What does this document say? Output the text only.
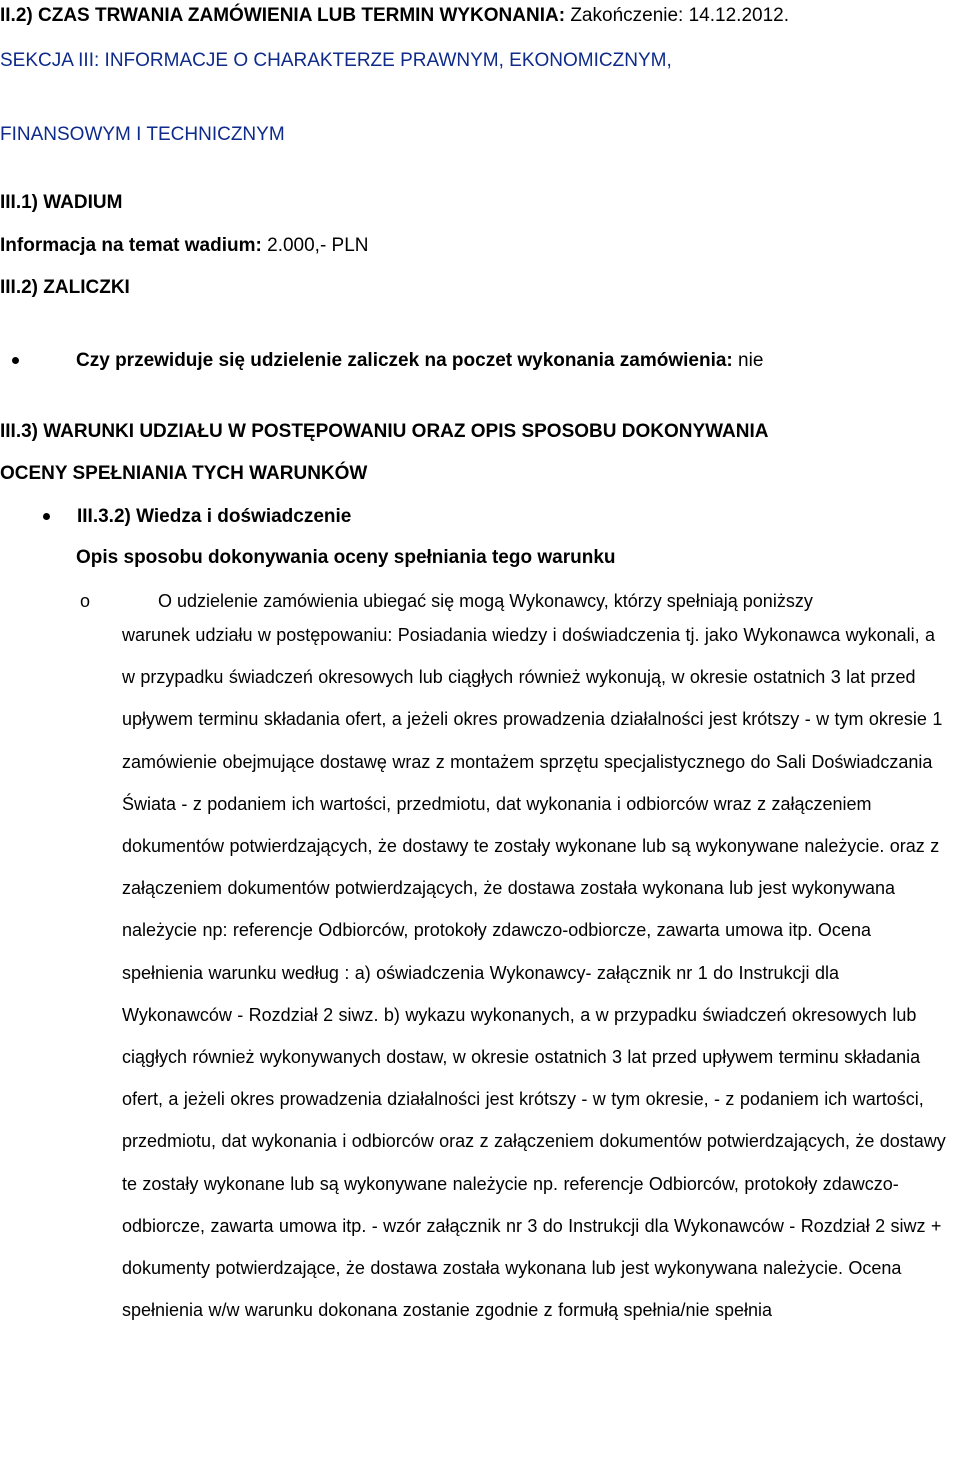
II.2) CZAS TRWANIA ZAMÓWIENIA LUB TERMIN WYKONANIA: Zakończenie: 14.12.2012.
SEKCJA III: INFORMACJE O CHARAKTERZE PRAWNYM, EKONOMICZNYM,
FINANSOWYM I TECHNICZNYM
III.1) WADIUM
Informacja na temat wadium: 2.000,- PLN
III.2) ZALICZKI
Czy przewiduje się udzielenie zaliczek na poczet wykonania zamówienia: nie
III.3) WARUNKI UDZIAŁU W POSTĘPOWANIU ORAZ OPIS SPOSOBU DOKONYWANIA
OCENY SPEŁNIANIA TYCH WARUNKÓW
III.3.2) Wiedza i doświadczenie
Opis sposobu dokonywania oceny spełniania tego warunku
o	O udzielenie zamówienia ubiegać się mogą Wykonawcy, którzy spełniają poniższy
warunek udziału w postępowaniu: Posiadania wiedzy i doświadczenia tj. jako Wykonawca wykonali, a w przypadku świadczeń okresowych lub ciągłych również wykonują, w okresie ostatnich 3 lat przed upływem terminu składania ofert, a jeżeli okres prowadzenia działalności jest krótszy - w tym okresie 1 zamówienie obejmujące dostawę wraz z montażem sprzętu specjalistycznego do Sali Doświadczania Świata - z podaniem ich wartości, przedmiotu, dat wykonania i odbiorców wraz z załączeniem dokumentów potwierdzających, że dostawy te zostały wykonane lub są wykonywane należycie. oraz z załączeniem dokumentów potwierdzających, że dostawa została wykonana lub jest wykonywana należycie np: referencje Odbiorców, protokoły zdawczo-odbiorcze, zawarta umowa itp. Ocena spełnienia warunku według : a) oświadczenia Wykonawcy- załącznik nr 1 do Instrukcji dla Wykonawców - Rozdział 2 siwz. b) wykazu wykonanych, a w przypadku świadczeń okresowych lub ciągłych również wykonywanych dostaw, w okresie ostatnich 3 lat przed upływem terminu składania ofert, a jeżeli okres prowadzenia działalności jest krótszy - w tym okresie, - z podaniem ich wartości, przedmiotu, dat wykonania i odbiorców oraz z załączeniem dokumentów potwierdzających, że dostawy te zostały wykonane lub są wykonywane należycie np. referencje Odbiorców, protokoły zdawczo-odbiorcze, zawarta umowa itp. - wzór załącznik nr 3 do Instrukcji dla Wykonawców - Rozdział 2 siwz + dokumenty potwierdzające, że dostawa została wykonana lub jest wykonywana należycie. Ocena spełnienia w/w warunku dokonana zostanie zgodnie z formułą spełnia/nie spełnia
